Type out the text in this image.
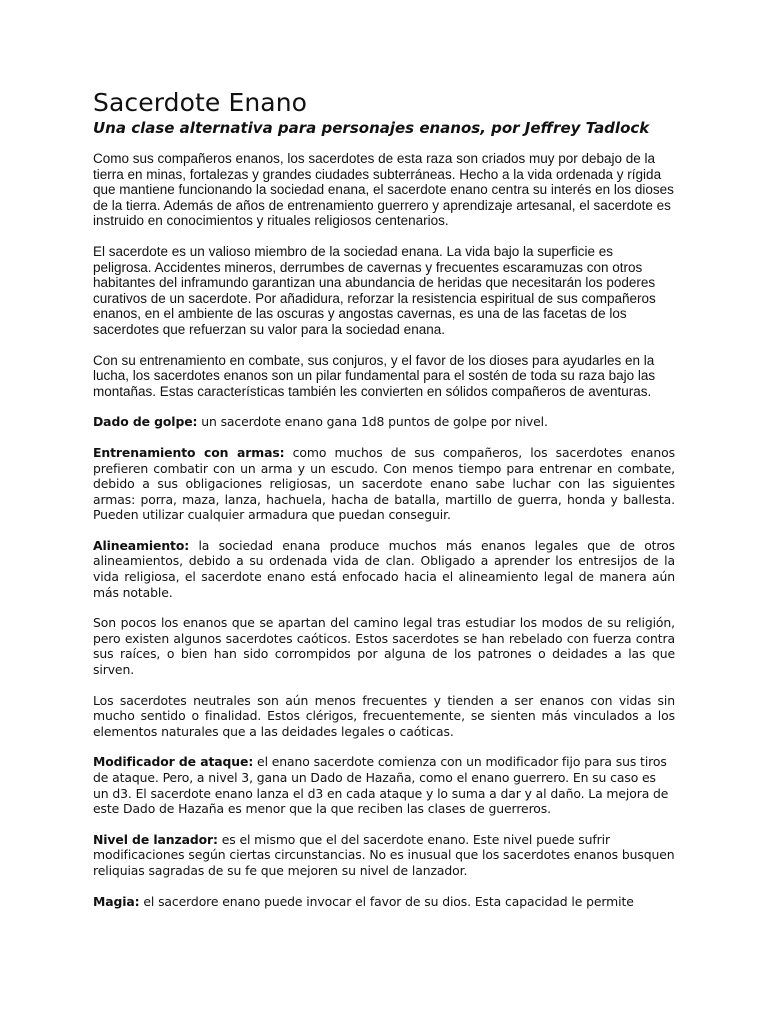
Sacerdote Enano

Una clase alternativa para personajes enanos, por Jeffrey Tadlock

Como sus compañeros enanos, los sacerdotes de esta raza son criados muy por debajo de la tierra en minas, fortalezas y grandes ciudades subterráneas. Hecho a la vida ordenada y rígida que mantiene funcionando la sociedad enana, el sacerdote enano centra su interés en los dioses de la tierra. Además de años de entrenamiento guerrero y aprendizaje artesanal, el sacerdote es instruido en conocimientos y rituales religiosos centenarios.

El sacerdote es un valioso miembro de la sociedad enana. La vida bajo la superficie es peligrosa. Accidentes mineros, derrumbes de cavernas y frecuentes escaramuzas con otros habitantes del inframundo garantizan una abundancia de heridas que necesitarán los poderes curativos de un sacerdote. Por añadidura, reforzar la resistencia espiritual de sus compañeros enanos, en el ambiente de las oscuras y angostas cavernas, es una de las facetas de los sacerdotes que refuerzan su valor para la sociedad enana.

Con su entrenamiento en combate, sus conjuros, y el favor de los dioses para ayudarles en la lucha, los sacerdotes enanos son un pilar fundamental para el sostén de toda su raza bajo las montañas. Estas características también les convierten en sólidos compañeros de aventuras.

Dado de golpe: un sacerdote enano gana 1d8 puntos de golpe por nivel.

Entrenamiento con armas: como muchos de sus compañeros, los sacerdotes enanos prefieren combatir con un arma y un escudo. Con menos tiempo para entrenar en combate, debido a sus obligaciones religiosas, un sacerdote enano sabe luchar con las siguientes armas: porra, maza, lanza, hachuela, hacha de batalla, martillo de guerra, honda y ballesta. Pueden utilizar cualquier armadura que puedan conseguir.

Alineamiento: la sociedad enana produce muchos más enanos legales que de otros alineamientos, debido a su ordenada vida de clan. Obligado a aprender los entresijos de la vida religiosa, el sacerdote enano está enfocado hacia el alineamiento legal de manera aún más notable.

Son pocos los enanos que se apartan del camino legal tras estudiar los modos de su religión, pero existen algunos sacerdotes caóticos. Estos sacerdotes se han rebelado con fuerza contra sus raíces, o bien han sido corrompidos por alguna de los patrones o deidades a las que sirven.

Los sacerdotes neutrales son aún menos frecuentes y tienden a ser enanos con vidas sin mucho sentido o finalidad. Estos clérigos, frecuentemente, se sienten más vinculados a los elementos naturales que a las deidades legales o caóticas.

Modificador de ataque: el enano sacerdote comienza con un modificador fijo para sus tiros de ataque. Pero, a nivel 3, gana un Dado de Hazaña, como el enano guerrero. En su caso es un d3. El sacerdote enano lanza el d3 en cada ataque y lo suma a dar y al daño. La mejora de este Dado de Hazaña es menor que la que reciben las clases de guerreros.

Nivel de lanzador: es el mismo que el del sacerdote enano. Este nivel puede sufrir modificaciones según ciertas circunstancias. No es inusual que los sacerdotes enanos busquen reliquias sagradas de su fe que mejoren su nivel de lanzador.

Magia: el sacerdore enano puede invocar el favor de su dios. Esta capacidad le permite
